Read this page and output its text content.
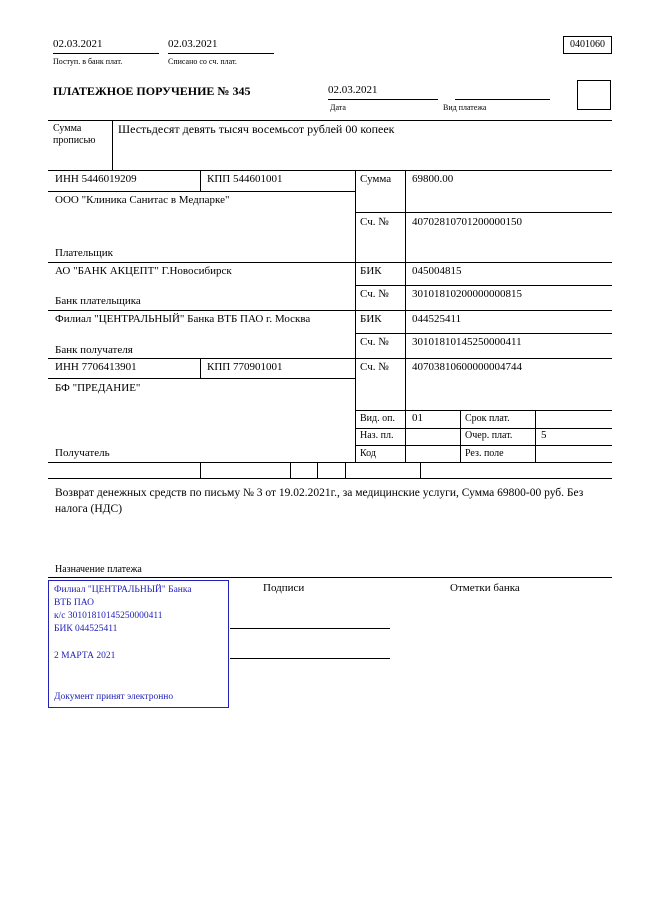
02.03.2021
Поступ. в банк плат.
02.03.2021
Списано со сч. плат.
0401060
ПЛАТЕЖНОЕ ПОРУЧЕНИЕ № 345	02.03.2021
Дата	Вид платежа
Сумма прописью
Шестьдесят девять тысяч восемьсот рублей 00 копеек
ИНН 5446019209	КПП 544601001	Сумма 69800.00
ООО "Клиника Санитас в Медпарке"
Сч. № 40702810701200000150
Плательщик
АО "БАНК АКЦЕПТ" Г.Новосибирск	БИК	045004815
Сч. № 30101810200000000815
Банк плательщика
Филиал "ЦЕНТРАЛЬНЫЙ" Банка ВТБ ПАО г. Москва	БИК	044525411
Сч. № 30101810145250000411
Банк получателя
ИНН 7706413901	КПП 770901001	Сч. № 40703810600000004744
БФ "ПРЕДАНИЕ"
Вид. оп. 01	Срок плат.
Наз. пл.	Очер. плат.	5
Получатель	Код	Рез. поле
Возврат денежных средств по письму № 3 от 19.02.2021г., за медицинские услуги, Сумма 69800-00 руб. Без налога (НДС)
Назначение платежа
Филиал "ЦЕНТРАЛЬНЫЙ" Банка
ВТБ ПАО
к/с 30101810145250000411
БИК 044525411
2 МАРТА 2021
Документ принят электронно
Подписи	Отметки банка
